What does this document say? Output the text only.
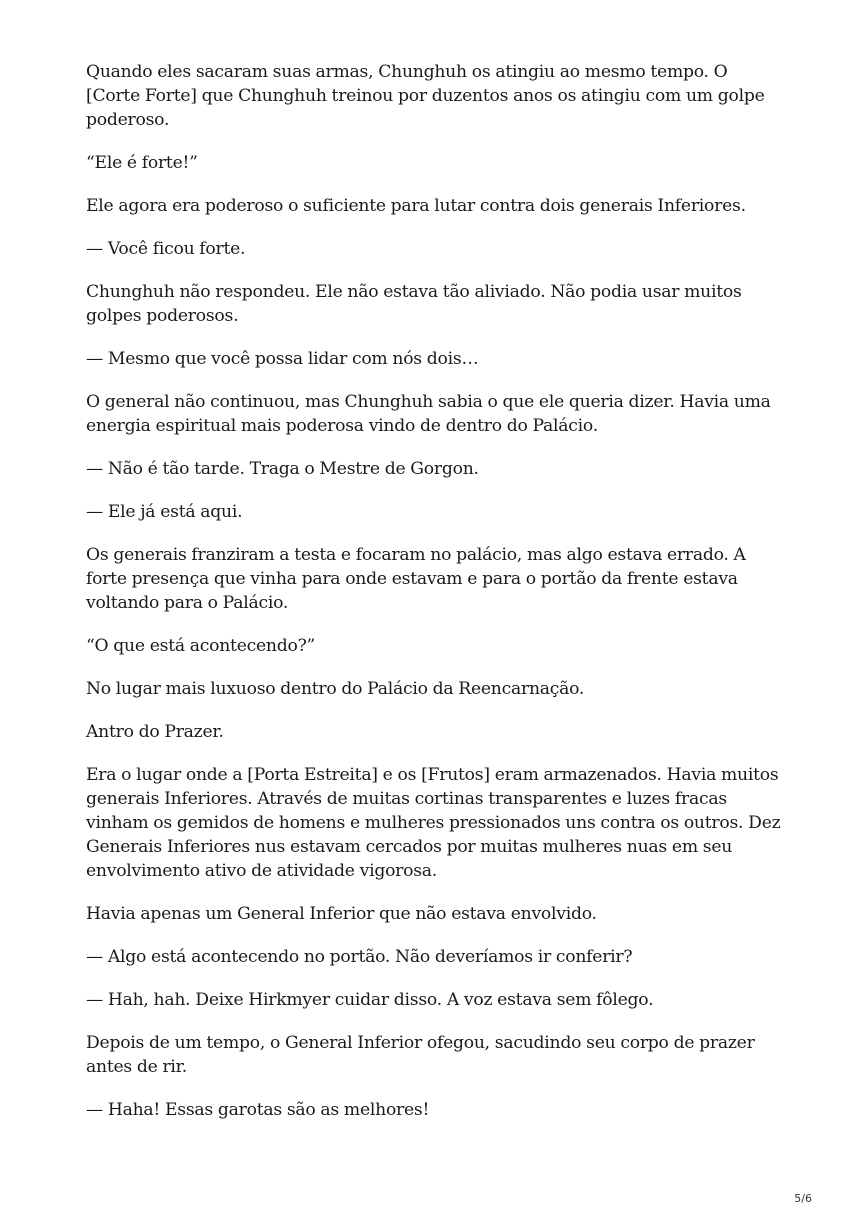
Quando eles sacaram suas armas, Chunghuh os atingiu ao mesmo tempo. O [Corte Forte] que Chunghuh treinou por duzentos anos os atingiu com um golpe poderoso.

“Ele é forte!”

Ele agora era poderoso o suficiente para lutar contra dois generais Inferiores.

— Você ficou forte.

Chunghuh não respondeu. Ele não estava tão aliviado. Não podia usar muitos golpes poderosos.

— Mesmo que você possa lidar com nós dois…

O general não continuou, mas Chunghuh sabia o que ele queria dizer. Havia uma energia espiritual mais poderosa vindo de dentro do Palácio.

— Não é tão tarde. Traga o Mestre de Gorgon.

— Ele já está aqui.

Os generais franziram a testa e focaram no palácio, mas algo estava errado. A forte presença que vinha para onde estavam e para o portão da frente estava voltando para o Palácio.

“O que está acontecendo?”

No lugar mais luxuoso dentro do Palácio da Reencarnação.

Antro do Prazer.

Era o lugar onde a [Porta Estreita] e os [Frutos] eram armazenados. Havia muitos generais Inferiores. Através de muitas cortinas transparentes e luzes fracas vinham os gemidos de homens e mulheres pressionados uns contra os outros. Dez Generais Inferiores nus estavam cercados por muitas mulheres nuas em seu envolvimento ativo de atividade vigorosa.

Havia apenas um General Inferior que não estava envolvido.

— Algo está acontecendo no portão. Não deveríamos ir conferir?

— Hah, hah. Deixe Hirkmyer cuidar disso. A voz estava sem fôlego.

Depois de um tempo, o General Inferior ofegou, sacudindo seu corpo de prazer antes de rir.

— Haha! Essas garotas são as melhores!

5/6
